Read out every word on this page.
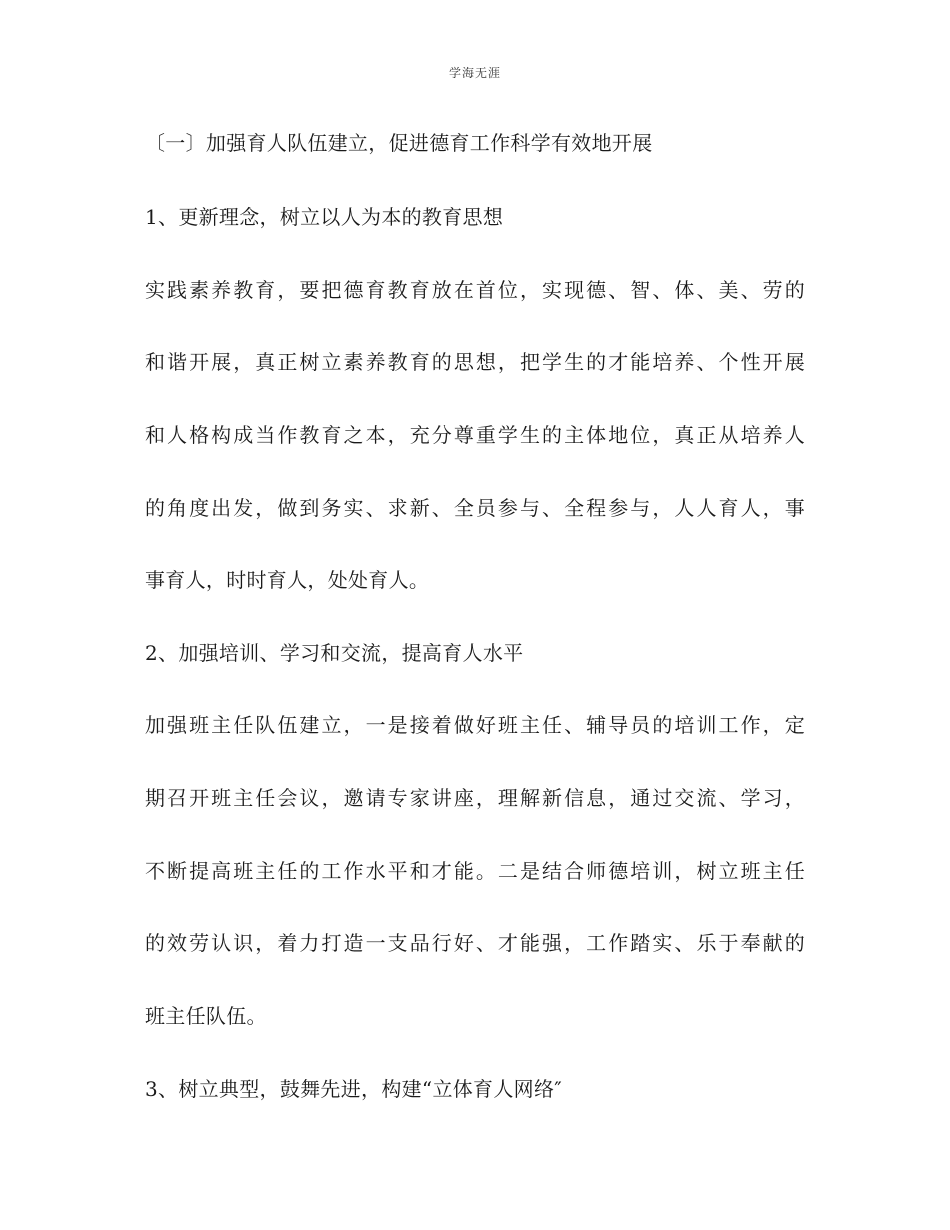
学海无涯
〔一〕加强育人队伍建立，促进德育工作科学有效地开展
1、更新理念，树立以人为本的教育思想
实践素养教育，要把德育教育放在首位，实现德、智、体、美、劳的
和谐开展，真正树立素养教育的思想，把学生的才能培养、个性开展
和人格构成当作教育之本，充分尊重学生的主体地位，真正从培养人
的角度出发，做到务实、求新、全员参与、全程参与，人人育人，事
事育人，时时育人，处处育人。
2、加强培训、学习和交流，提高育人水平
加强班主任队伍建立，一是接着做好班主任、辅导员的培训工作，定
期召开班主任会议，邀请专家讲座，理解新信息，通过交流、学习，
不断提高班主任的工作水平和才能。二是结合师德培训，树立班主任
的效劳认识，着力打造一支品行好、才能强，工作踏实、乐于奉献的
班主任队伍。
3、树立典型，鼓舞先进，构建“立体育人网络″
